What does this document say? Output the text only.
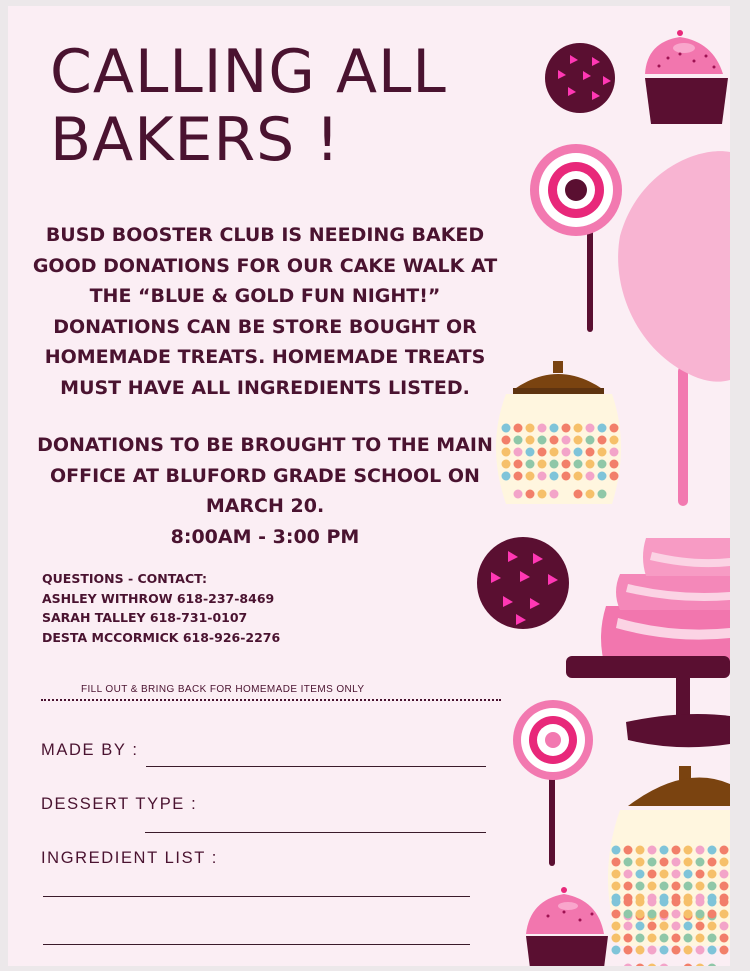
CALLING ALL
BAKERS !

BUSD BOOSTER CLUB IS NEEDING BAKED

GOOD DONATIONS FOR OUR CAKE WALK AT

THE “BLUE & GOLD FUN NIGHT!”

DONATIONS CAN BE STORE BOUGHT OR

HOMEMADE TREATS. HOMEMADE TREATS

MUST HAVE ALL INGREDIENTS LISTED.

DONATIONS TO BE BROUGHT TO THE MAIN

OFFICE AT BLUFORD GRADE SCHOOL ON

MARCH 20.

8:00AM - 3:00 PM

QUESTIONS - CONTACT:
ASHLEY WITHROW 618-237-8469
SARAH TALLEY 618-731-0107
DESTA MCCORMICK 618-926-2276
FILL OUT & BRING BACK FOR HOMEMADE ITEMS ONLY
MADE BY :
DESSERT TYPE :
INGREDIENT LIST :
